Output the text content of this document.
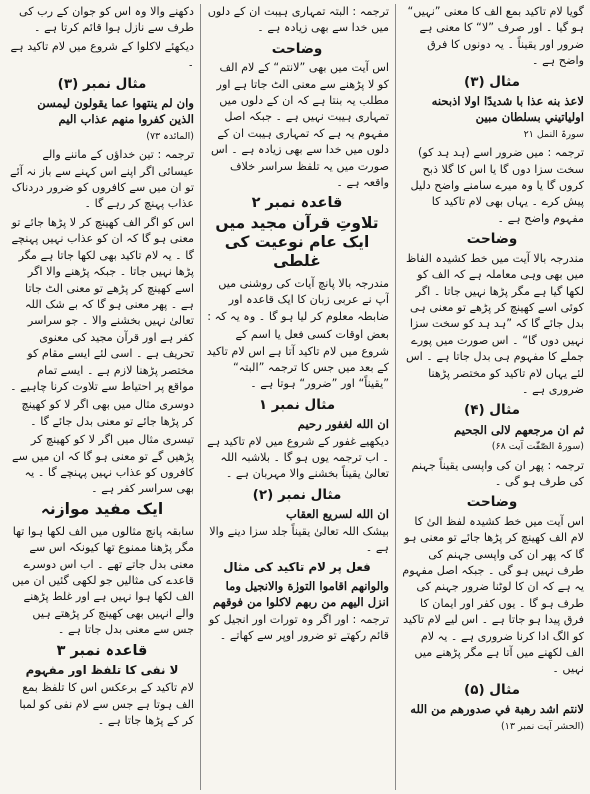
گویا لام تاکید بمع الف کا معنی ”نہیں“ ہو گیا ۔ اور صرف ”لا“ کا معنی ہے ضرور اور یقیناً ۔ یہ دونوں کا فرق واضح ہے ۔
مثال (۳)
لاعذ بنه عذا با شديدًا اولا اذبحنه اولياتيني بسلطان مبين
سورۃ النمل ۲۱
ترجمہ : میں ضرور اسے (ہد ہد کو) سخت سزا دوں گا یا اس کا گلا ذبح کروں گا یا وہ میرے سامنے واضح دلیل پیش کرے ۔ یہاں بھی لام تاکید کا مفہوم واضح ہے ۔
وضاحت
مندرجہ بالا آیت میں خط کشیدہ الفاظ میں بھی وہی معاملہ ہے کہ الف کو لکھا گیا ہے مگر پڑھا نہیں جاتا ۔ اگر کوئی اسے کھینچ کر پڑھے تو معنی ہی بدل جائے گا کہ ”ہد ہد کو سخت سزا نہیں دوں گا“ ۔ اس صورت میں پورے جملے کا مفہوم ہی بدل جاتا ہے ۔ اس لئے یہاں لام تاکید کو مختصر پڑھنا ضروری ہے ۔
مثال (۴)
ثم ان مرجعهم لالى الجحيم
(سورۃ الصّٰفّٰت آیت ۶۸)
ترجمہ : پھر ان کی واپسی یقیناً جہنم کی طرف ہو گی ۔
وضاحت
اس آیت میں خط کشیدہ لفظ الیٰ کا لام الف کھینچ کر پڑھا جائے تو معنی ہو گا کہ پھر ان کی واپسی جہنم کی طرف نہیں ہو گی ۔ جبکہ اصل مفہوم یہ ہے کہ ان کا لوٹنا ضرور جہنم کی طرف ہو گا ۔ یوں کفر اور ایمان کا فرق پیدا ہو جاتا ہے ۔ اس لیے لام تاکید کو الگ ادا کرنا ضروری ہے ۔ یہ لام الف لکھنے میں آتا ہے مگر پڑھنے میں نہیں ۔
مثال (۵)
لانتم اشد رهبة في صدورهم من الله
(الحشر آیت نمبر ۱۳)
ترجمہ : البتہ تمہاری ہیبت ان کے دلوں میں خدا سے بھی زیادہ ہے ۔
وضاحت
اس آیت میں بھی ”لانتم“ کے لام الف کو لا پڑھنے سے معنی الٹ جاتا ہے اور مطلب یہ بنتا ہے کہ ان کے دلوں میں تمہاری ہیبت نہیں ہے ۔ جبکہ اصل مفہوم یہ ہے کہ تمہاری ہیبت ان کے دلوں میں خدا سے بھی زیادہ ہے ۔ اس صورت میں یہ تلفظ سراسر خلاف واقعہ ہے ۔
قاعدہ نمبر ۲
تلاوتِ قرآن مجید میں ایک عام نوعیت کی غلطی
مندرجہ بالا پانچ آیات کی روشنی میں آپ نے عربی زبان کا ایک قاعدہ اور ضابطہ معلوم کر لیا ہو گا ۔ وہ یہ کہ :
بعض اوقات کسی فعل یا اسم کے شروع میں لام تاکید آتا ہے اس لام تاکید کے بعد میں جس کا ترجمہ ”البتہ“ ”یقیناً“ اور ”ضرور“ ہوتا ہے ۔
مثال نمبر ۱
ان الله لغفور رحيم
دیکھیے غفور کے شروع میں لام تاکید ہے ۔ اب ترجمہ یوں ہو گا ۔ بلاشبہ اللہ تعالیٰ یقیناً بخشنے والا مہربان ہے ۔
مثال نمبر (۲)
ان الله لسريع العقاب
بیشک اللہ تعالیٰ یقیناً جلد سزا دینے والا ہے ۔
فعل پر لام تاکید کی مثال
والوانهم اقاموا التورٰة والانجيل وما انزل اليهم من ربهم لاكلوا من فوقهم
ترجمہ : اور اگر وہ تورات اور انجیل کو قائم رکھتے تو ضرور اوپر سے کھاتے ۔
دکھنے والا وہ اس کو جوان کے رب کی طرف سے نازل ہوا قائم کرتا ہے ۔
دیکھئے لاکلوا کے شروع میں لام تاکید ہے ۔
مثال نمبر (۳)
وان لم ينتهوا عما يقولون ليمسن الذين كفروا منهم عذاب اليم
(المائدہ ۷۳)
ترجمہ : تین خداؤں کے ماننے والے عیسائی اگر اپنے اس کہنے سے باز نہ آئے تو ان میں سے کافروں کو ضرور دردناک عذاب پہنچ کر رہے گا ۔
اس کو اگر الف کھینچ کر لا پڑھا جائے تو معنی ہو گا کہ ان کو عذاب نہیں پہنچے گا ۔ یہ لام تاکید بھی لکھا جاتا ہے مگر پڑھا نہیں جاتا ۔ جبکہ پڑھنے والا اگر اسے کھینچ کر پڑھے تو معنی الٹ جاتا ہے ۔ پھر معنی ہو گا کہ بے شک اللہ تعالیٰ نہیں بخشنے والا ۔ جو سراسر کفر ہے اور قرآن مجید کی معنوی تحریف ہے ۔ اسی لئے ایسے مقام کو مختصر پڑھنا لازم ہے ۔ ایسے تمام مواقع پر احتیاط سے تلاوت کرنا چاہیے ۔
دوسری مثال میں بھی اگر لا کو کھینچ کر پڑھا جائے تو معنی بدل جائے گا ۔
تیسری مثال میں اگر لا کو کھینچ کر پڑھیں گے تو معنی ہو گا کہ ان میں سے کافروں کو عذاب نہیں پہنچے گا ۔ یہ بھی سراسر کفر ہے ۔
ایک مفید موازنہ
سابقہ پانچ مثالوں میں الف لکھا ہوا تھا مگر پڑھنا ممنوع تھا کیونکہ اس سے معنی بدل جاتے تھے ۔ اب اس دوسرے قاعدے کی مثالیں جو لکھی گئیں ان میں الف لکھا ہوا نہیں ہے اور غلط پڑھنے والے انہیں بھی کھینچ کر پڑھتے ہیں جس سے معنی بدل جاتا ہے ۔
قاعدہ نمبر ۳
لا نفی کا تلفظ اور مفہوم
لام تاکید کے برعکس اس کا تلفظ بمع الف ہوتا ہے جس سے لام نفی کو لمبا کر کے پڑھا جاتا ہے ۔
